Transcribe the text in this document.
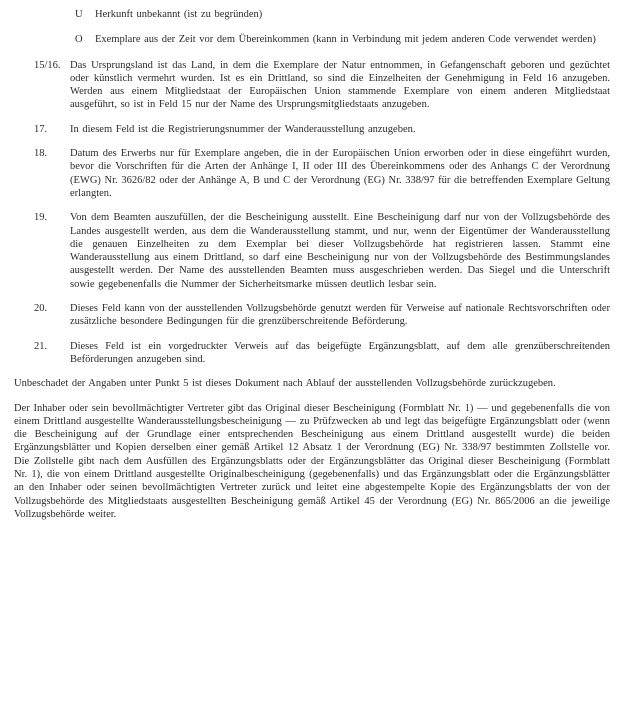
U Herkunft unbekannt (ist zu begründen)
O Exemplare aus der Zeit vor dem Übereinkommen (kann in Verbindung mit jedem anderen Code verwendet werden)
15/16. Das Ursprungsland ist das Land, in dem die Exemplare der Natur entnommen, in Gefangenschaft geboren und gezüchtet oder künstlich vermehrt wurden. Ist es ein Drittland, so sind die Einzelheiten der Genehmigung in Feld 16 anzugeben. Werden aus einem Mitgliedstaat der Europäischen Union stammende Exemplare von einem anderen Mitgliedstaat ausgeführt, so ist in Feld 15 nur der Name des Ursprungsmitgliedstaats anzugeben.
17. In diesem Feld ist die Registrierungsnummer der Wanderausstellung anzugeben.
18. Datum des Erwerbs nur für Exemplare angeben, die in der Europäischen Union erworben oder in diese eingeführt wurden, bevor die Vorschriften für die Arten der Anhänge I, II oder III des Übereinkommens oder des Anhangs C der Verordnung (EWG) Nr. 3626/82 oder der Anhänge A, B und C der Verordnung (EG) Nr. 338/97 für die betreffenden Exemplare Geltung erlangten.
19. Von dem Beamten auszufüllen, der die Bescheinigung ausstellt. Eine Bescheinigung darf nur von der Vollzugsbehörde des Landes ausgestellt werden, aus dem die Wanderausstellung stammt, und nur, wenn der Eigentümer der Wanderausstellung die genauen Einzelheiten zu dem Exemplar bei dieser Vollzugsbehörde hat registrieren lassen. Stammt eine Wanderausstellung aus einem Drittland, so darf eine Bescheinigung nur von der Vollzugsbehörde des Bestimmungslandes ausgestellt werden. Der Name des ausstellenden Beamten muss ausgeschrieben werden. Das Siegel und die Unterschrift sowie gegebenenfalls die Nummer der Sicherheitsmarke müssen deutlich lesbar sein.
20. Dieses Feld kann von der ausstellenden Vollzugsbehörde genutzt werden für Verweise auf nationale Rechtsvorschriften oder zusätzliche besondere Bedingungen für die grenzüberschreitende Beförderung.
21. Dieses Feld ist ein vorgedruckter Verweis auf das beigefügte Ergänzungsblatt, auf dem alle grenzüberschreitenden Beförderungen anzugeben sind.

Unbeschadet der Angaben unter Punkt 5 ist dieses Dokument nach Ablauf der ausstellenden Vollzugsbehörde zurückzugeben.

Der Inhaber oder sein bevollmächtigter Vertreter gibt das Original dieser Bescheinigung (Formblatt Nr. 1) — und gegebenenfalls die von einem Drittland ausgestellte Wanderausstellungsbescheinigung — zu Prüfzwecken ab und legt das beigefügte Ergänzungsblatt oder (wenn die Bescheinigung auf der Grundlage einer entsprechenden Bescheinigung aus einem Drittland ausgestellt wurde) die beiden Ergänzungsblätter und Kopien derselben einer gemäß Artikel 12 Absatz 1 der Verordnung (EG) Nr. 338/97 bestimmten Zollstelle vor. Die Zollstelle gibt nach dem Ausfüllen des Ergänzungsblatts oder der Ergänzungsblätter das Original dieser Bescheinigung (Formblatt Nr. 1), die von einem Drittland ausgestellte Originalbescheinigung (gegebenenfalls) und das Ergänzungsblatt oder die Ergänzungsblätter an den Inhaber oder seinen bevollmächtigten Vertreter zurück und leitet eine abgestempelte Kopie des Ergänzungsblatts der von der Vollzugsbehörde des Mitgliedstaats ausgestellten Bescheinigung gemäß Artikel 45 der Verordnung (EG) Nr. 865/2006 an die jeweilige Vollzugsbehörde weiter.
